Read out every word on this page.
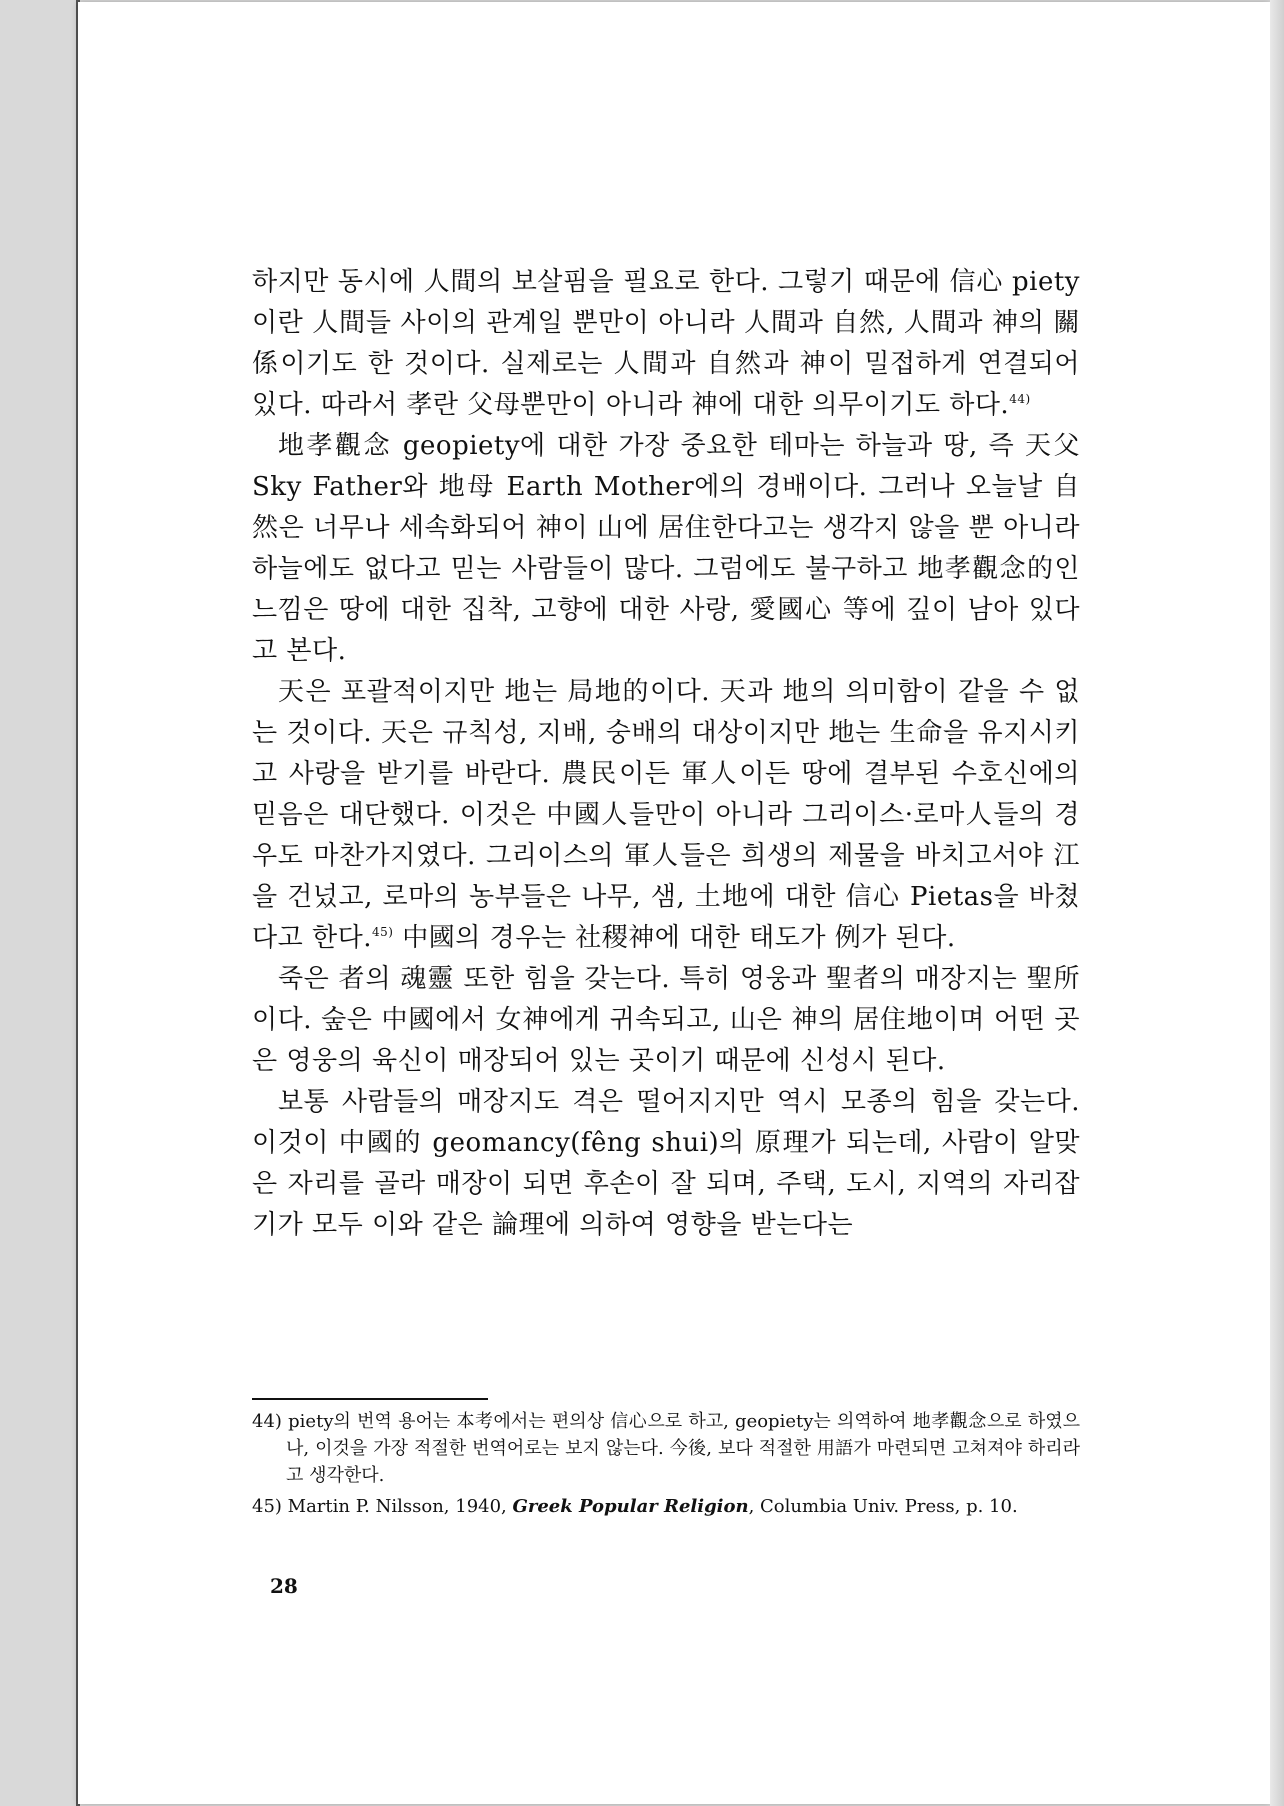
하지만 동시에 人間의 보살핌을 필요로 한다. 그렇기 때문에 信心 piety이란 人間들 사이의 관계일 뿐만이 아니라 人間과 自然, 人間과 神의 關係이기도 한 것이다. 실제로는 人間과 自然과 神이 밀접하게 연결되어 있다. 따라서 孝란 父母뿐만이 아니라 神에 대한 의무이기도 하다.$^{44)}$

地孝觀念 geopiety에 대한 가장 중요한 테마는 하늘과 땅, 즉 天父 Sky Father와 地母 Earth Mother에의 경배이다. 그러나 오늘날 自然은 너무나 세속화되어 神이 山에 居住한다고는 생각지 않을 뿐 아니라 하늘에도 없다고 믿는 사람들이 많다. 그럼에도 불구하고 地孝觀念的인 느낌은 땅에 대한 집착, 고향에 대한 사랑, 愛國心 等에 깊이 남아 있다고 본다.

天은 포괄적이지만 地는 局地的이다. 天과 地의 의미함이 같을 수 없는 것이다. 天은 규칙성, 지배, 숭배의 대상이지만 地는 生命을 유지시키고 사랑을 받기를 바란다. 農民이든 軍人이든 땅에 결부된 수호신에의 믿음은 대단했다. 이것은 中國人들만이 아니라 그리이스·로마人들의 경우도 마찬가지였다. 그리이스의 軍人들은 희생의 제물을 바치고서야 江을 건넜고, 로마의 농부들은 나무, 샘, 土地에 대한 信心 Pietas을 바쳤다고 한다.$^{45)}$ 中國의 경우는 社稷神에 대한 태도가 例가 된다.

죽은 者의 魂靈 또한 힘을 갖는다. 특히 영웅과 聖者의 매장지는 聖所이다. 숲은 中國에서 女神에게 귀속되고, 山은 神의 居住地이며 어떤 곳은 영웅의 육신이 매장되어 있는 곳이기 때문에 신성시 된다.

보통 사람들의 매장지도 격은 떨어지지만 역시 모종의 힘을 갖는다. 이것이 中國的 geomancy(fêng shui)의 原理가 되는데, 사람이 알맞은 자리를 골라 매장이 되면 후손이 잘 되며, 주택, 도시, 지역의 자리잡기가 모두 이와 같은 論理에 의하여 영향을 받는다는

44) piety의 번역 용어는 本考에서는 편의상 信心으로 하고, geopiety는 의역하여 地孝觀念으로 하였으나, 이것을 가장 적절한 번역어로는 보지 않는다. 今後, 보다 적절한 用語가 마련되면 고쳐져야 하리라고 생각한다.

45) Martin P. Nilsson, 1940, Greek Popular Religion, Columbia Univ. Press, p. 10.

28
